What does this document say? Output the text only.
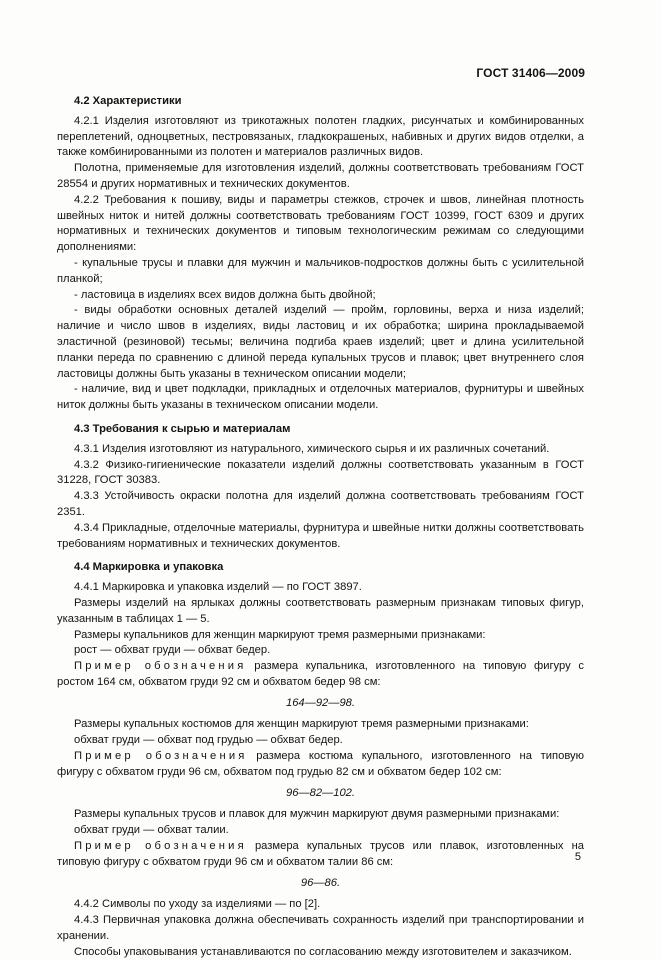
ГОСТ 31406—2009
4.2 Характеристики

4.2.1 Изделия изготовляют из трикотажных полотен гладких, рисунчатых и комбинированных переплетений, одноцветных, пестровязаных, гладкокрашеных, набивных и других видов отделки, а также комбинированными из полотен и материалов различных видов.

Полотна, применяемые для изготовления изделий, должны соответствовать требованиям ГОСТ 28554 и других нормативных и технических документов.

4.2.2 Требования к пошиву, виды и параметры стежков, строчек и швов, линейная плотность швейных ниток и нитей должны соответствовать требованиям ГОСТ 10399, ГОСТ 6309 и других нормативных и технических документов и типовым технологическим режимам со следующими дополнениями:

- купальные трусы и плавки для мужчин и мальчиков-подростков должны быть с усилительной планкой;

- ластовица в изделиях всех видов должна быть двойной;

- виды обработки основных деталей изделий — пройм, горловины, верха и низа изделий; наличие и число швов в изделиях, виды ластовиц и их обработка; ширина прокладываемой эластичной (резиновой) тесьмы; величина подгиба краев изделий; цвет и длина усилительной планки переда по сравнению с длиной переда купальных трусов и плавок; цвет внутреннего слоя ластовицы должны быть указаны в техническом описании модели;

- наличие, вид и цвет подкладки, прикладных и отделочных материалов, фурнитуры и швейных ниток должны быть указаны в техническом описании модели.

4.3 Требования к сырью и материалам

4.3.1 Изделия изготовляют из натурального, химического сырья и их различных сочетаний.

4.3.2 Физико-гигиенические показатели изделий должны соответствовать указанным в ГОСТ 31228, ГОСТ 30383.

4.3.3 Устойчивость окраски полотна для изделий должна соответствовать требованиям ГОСТ 2351.

4.3.4 Прикладные, отделочные материалы, фурнитура и швейные нитки должны соответствовать требованиям нормативных и технических документов.

4.4 Маркировка и упаковка

4.4.1 Маркировка и упаковка изделий — по ГОСТ 3897.

Размеры изделий на ярлыках должны соответствовать размерным признакам типовых фигур, указанным в таблицах 1 — 5.

Размеры купальников для женщин маркируют тремя размерными признаками:

рост — обхват груди — обхват бедер.

Пример обозначения размера купальника, изготовленного на типовую фигуру с ростом 164 см, обхватом груди 92 см и обхватом бедер 98 см:

164—92—98.

Размеры купальных костюмов для женщин маркируют тремя размерными признаками:

обхват груди — обхват под грудью — обхват бедер.

Пример обозначения размера костюма купального, изготовленного на типовую фигуру с обхватом груди 96 см, обхватом под грудью 82 см и обхватом бедер 102 см:

96—82—102.

Размеры купальных трусов и плавок для мужчин маркируют двумя размерными признаками:

обхват груди — обхват талии.

Пример обозначения размера купальных трусов или плавок, изготовленных на типовую фигуру с обхватом груди 96 см и обхватом талии 86 см:

96—86.

4.4.2 Символы по уходу за изделиями — по [2].

4.4.3 Первичная упаковка должна обеспечивать сохранность изделий при транспортировании и хранении.

Способы упаковывания устанавливаются по согласованию между изготовителем и заказчиком.

5
